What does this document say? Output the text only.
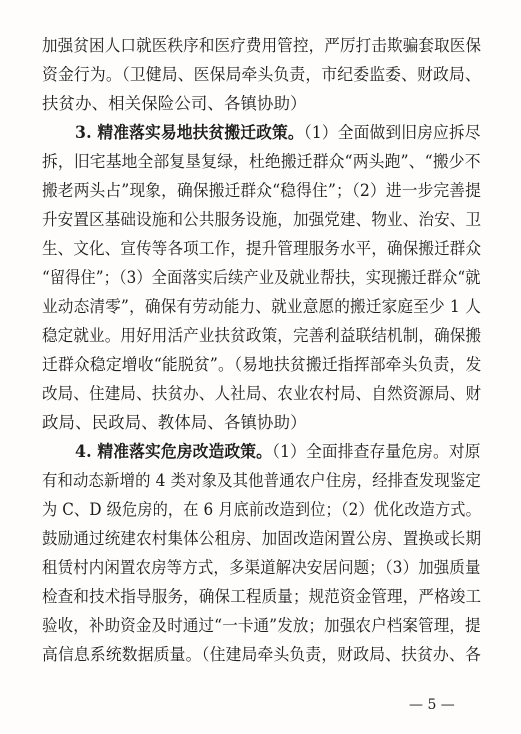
加强贫困人口就医秩序和医疗费用管控，严厉打击欺骗套取医保
资金行为。（卫健局、医保局牵头负责，市纪委监委、财政局、
扶贫办、相关保险公司、各镇协助）
3. 精准落实易地扶贫搬迁政策。（1）全面做到旧房应拆尽
拆，旧宅基地全部复垦复绿，杜绝搬迁群众“两头跑”、“搬少不
搬老两头占”现象，确保搬迁群众“稳得住”；（2）进一步完善提
升安置区基础设施和公共服务设施，加强党建、物业、治安、卫
生、文化、宣传等各项工作，提升管理服务水平，确保搬迁群众
“留得住”；（3）全面落实后续产业及就业帮扶，实现搬迁群众“就
业动态清零”，确保有劳动能力、就业意愿的搬迁家庭至少 1 人
稳定就业。用好用活产业扶贫政策，完善利益联结机制，确保搬
迁群众稳定增收“能脱贫”。（易地扶贫搬迁指挥部牵头负责，发
改局、住建局、扶贫办、人社局、农业农村局、自然资源局、财
政局、民政局、教体局、各镇协助）
4. 精准落实危房改造政策。（1）全面排查存量危房。对原
有和动态新增的 4 类对象及其他普通农户住房，经排查发现鉴定
为 C、D 级危房的，在 6 月底前改造到位；（2）优化改造方式。
鼓励通过统建农村集体公租房、加固改造闲置公房、置换或长期
租赁村内闲置农房等方式，多渠道解决安居问题；（3）加强质量
检查和技术指导服务，确保工程质量；规范资金管理，严格竣工
验收，补助资金及时通过“一卡通”发放；加强农户档案管理，提
高信息系统数据质量。（住建局牵头负责，财政局、扶贫办、各
— 5 —
